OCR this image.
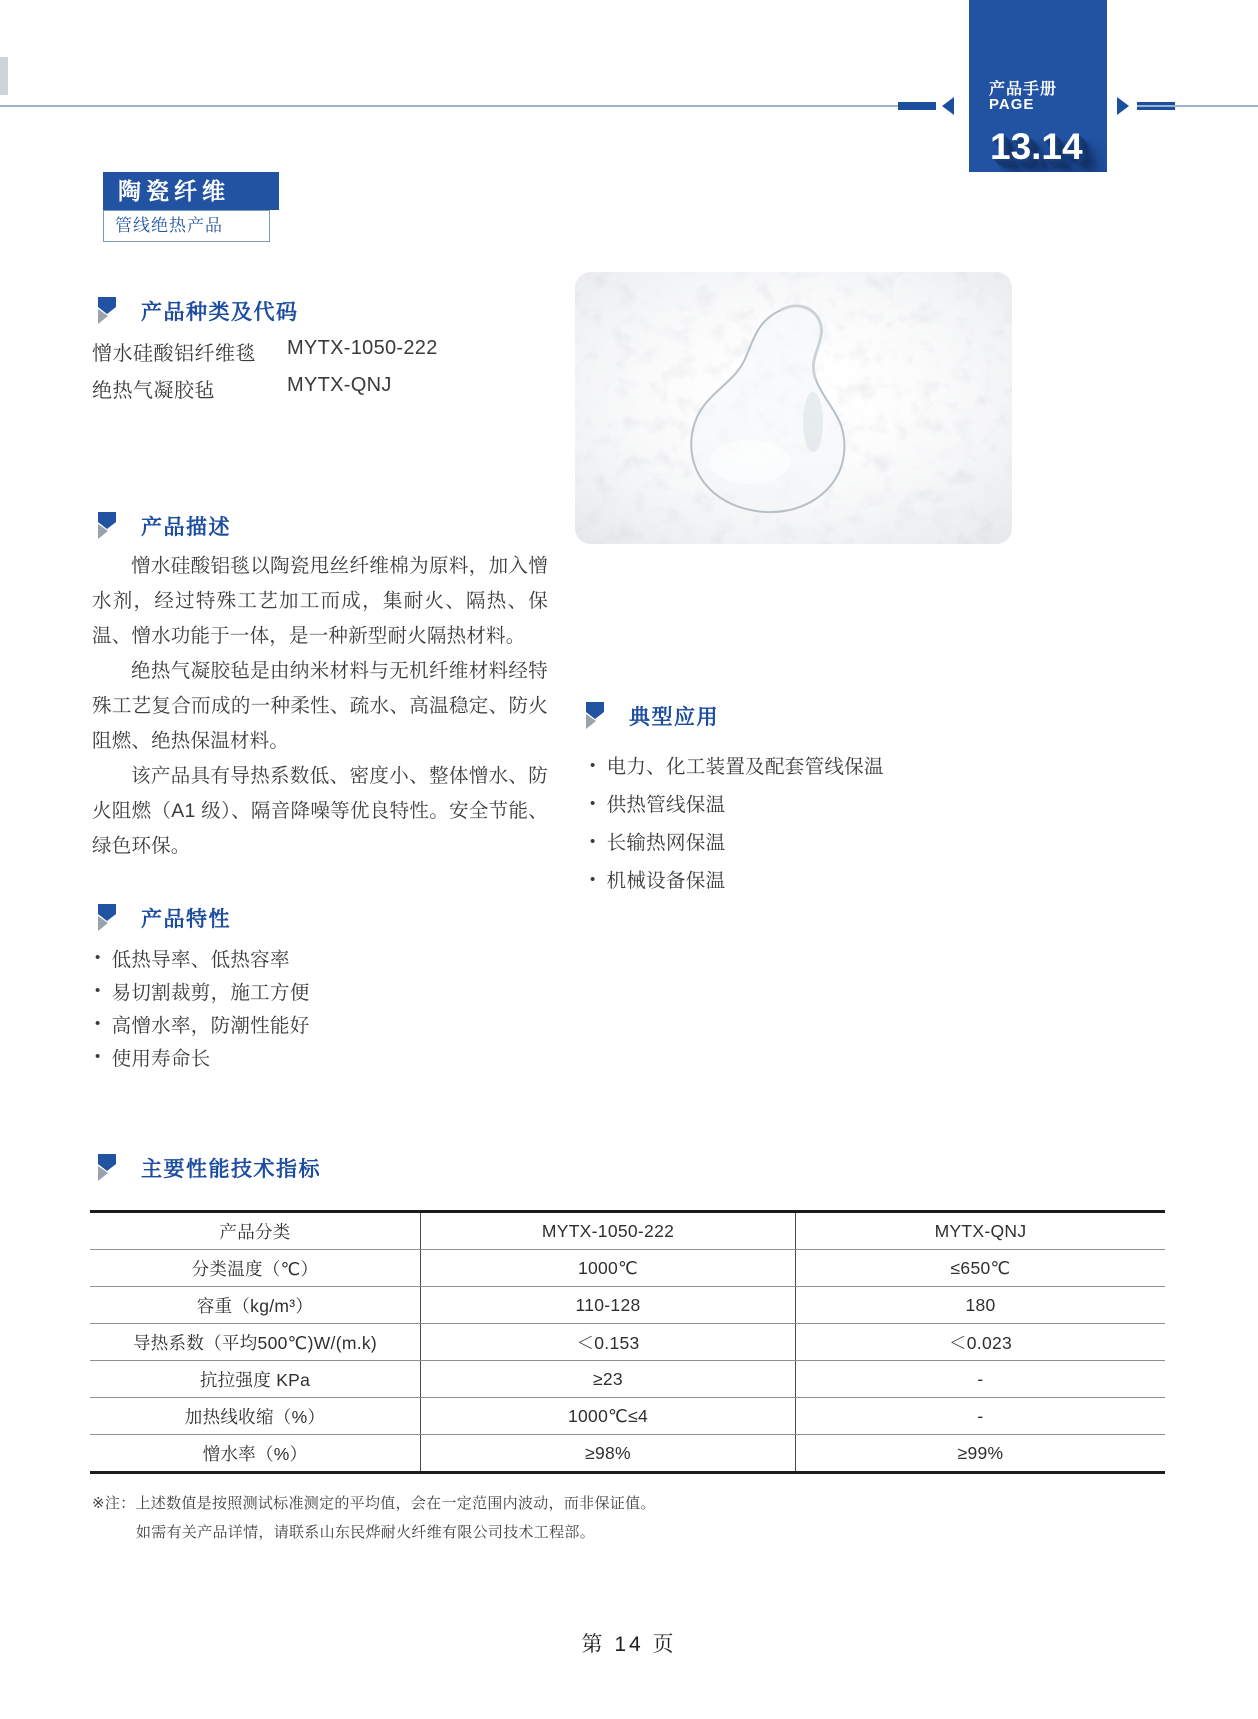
产品手册
PAGE
13.14
陶瓷纤维
管线绝热产品
产品种类及代码
憎水硅酸铝纤维毯 MYTX-1050-222
绝热气凝胶毡	MYTX-QNJ
产品描述

憎水硅酸铝毯以陶瓷甩丝纤维棉为原料，加入憎水剂，经过特殊工艺加工而成，集耐火、隔热、保温、憎水功能于一体，是一种新型耐火隔热材料。

绝热气凝胶毡是由纳米材料与无机纤维材料经特殊工艺复合而成的一种柔性、疏水、高温稳定、防火阻燃、绝热保温材料。

该产品具有导热系数低、密度小、整体憎水、防火阻燃（A1 级）、隔音降噪等优良特性。安全节能、绿色环保。

典型应用
• 电力、化工装置及配套管线保温
• 供热管线保温
• 长输热网保温
• 机械设备保温
产品特性
• 低热导率、低热容率
• 易切割裁剪，施工方便
• 高憎水率，防潮性能好
• 使用寿命长
主要性能技术指标
产品分类	MYTX-1050-222	MYTX-QNJ
分类温度（℃）	1000℃	≤650℃
容重（kg/m³）	110-128	180
导热系数（平均500℃)W/(m.k)	＜0.153	＜0.023
抗拉强度 KPa	≥23	-
加热线收缩（%）	1000℃≤4	-
憎水率（%）	≥98%	≥99%
※注：上述数值是按照测试标准测定的平均值，会在一定范围内波动，而非保证值。
如需有关产品详情，请联系山东民烨耐火纤维有限公司技术工程部。
第 14 页
